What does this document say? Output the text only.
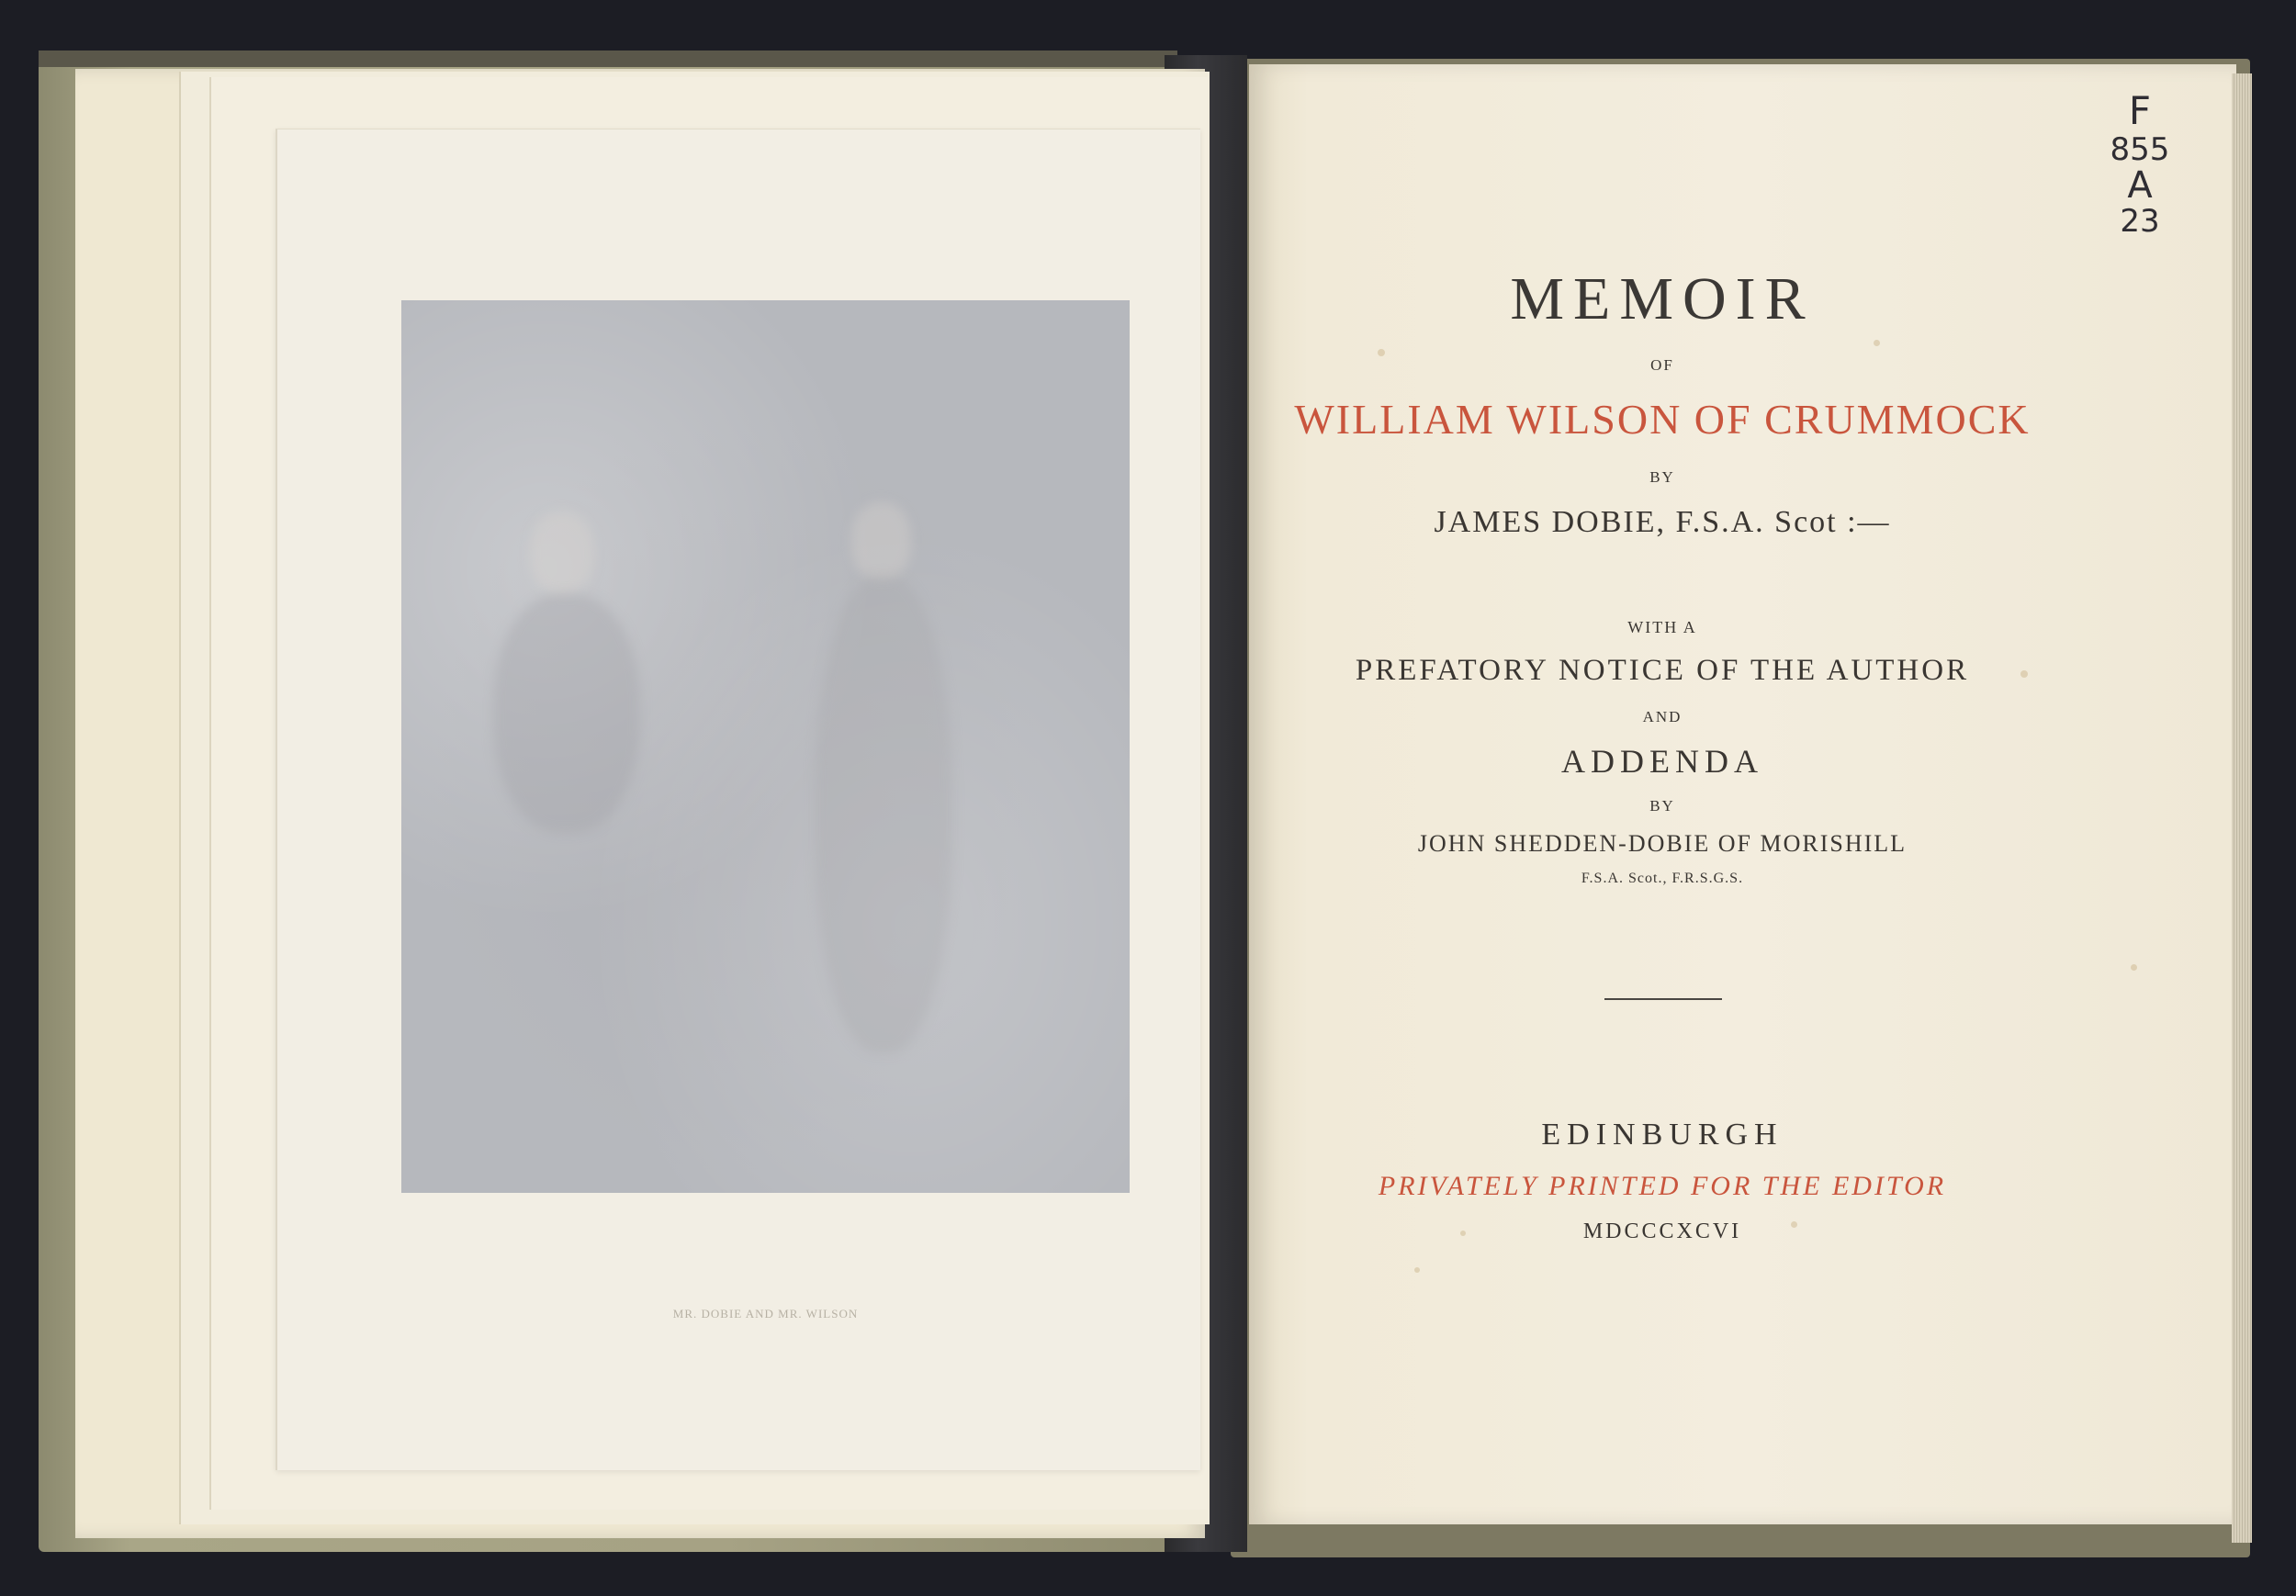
MR. DOBIE AND MR. WILSON
MEMOIR
OF
WILLIAM WILSON OF CRUMMOCK
BY
JAMES DOBIE, F.S.A. Scot :—
WITH A
PREFATORY NOTICE OF THE AUTHOR
AND
ADDENDA
BY
JOHN SHEDDEN-DOBIE OF MORISHILL
F.S.A. Scot., F.R.S.G.S.
EDINBURGH
PRIVATELY PRINTED FOR THE EDITOR
MDCCCXCVI
F
855
A
23
